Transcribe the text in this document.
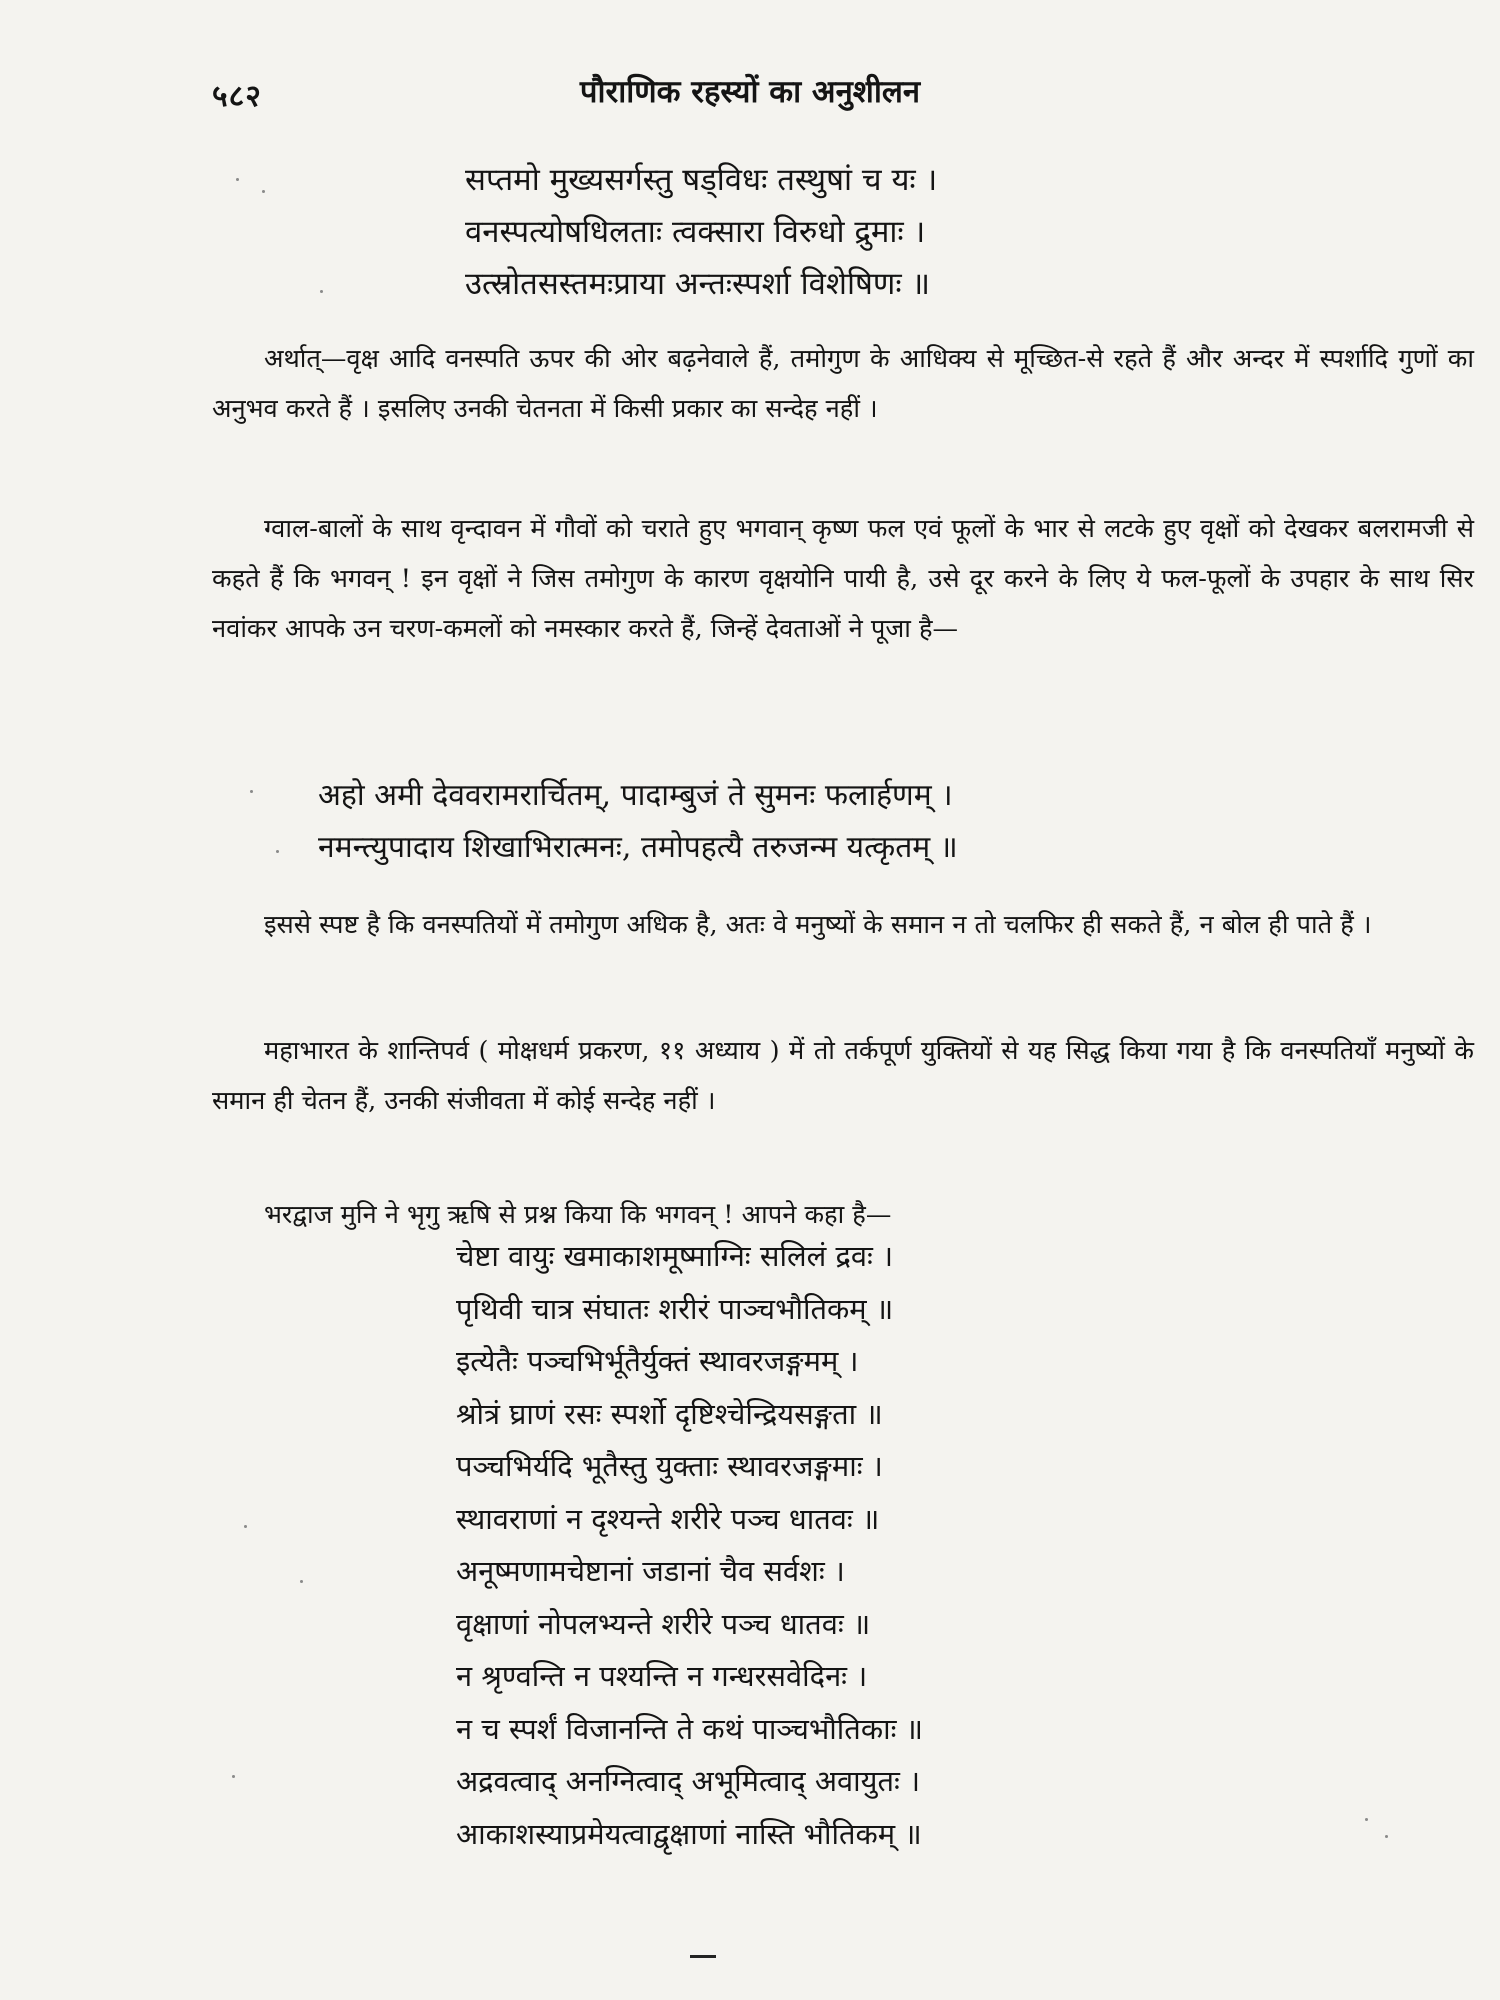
५८२	पौराणिक रहस्यों का अनुशीलन
सप्तमो मुख्यसर्गस्तु षड्विधः तस्थुषां च यः ।
वनस्पत्योषधिलताः त्वक्सारा विरुधो द्रुमाः ।
उत्स्रोतसस्तमःप्राया अन्तःस्पर्शा विशेषिणः ॥
अर्थात्—वृक्ष आदि वनस्पति ऊपर की ओर बढ़नेवाले हैं, तमोगुण के आधिक्य से मूच्छित-से रहते हैं और अन्दर में स्पर्शादि गुणों का अनुभव करते हैं । इसलिए उनकी चेतनता में किसी प्रकार का सन्देह नहीं ।
ग्वाल-बालों के साथ वृन्दावन में गौवों को चराते हुए भगवान् कृष्ण फल एवं फूलों के भार से लटके हुए वृक्षों को देखकर बलरामजी से कहते हैं कि भगवन् ! इन वृक्षों ने जिस तमोगुण के कारण वृक्षयोनि पायी है, उसे दूर करने के लिए ये फल-फूलों के उपहार के साथ सिर नवांकर आपके उन चरण-कमलों को नमस्कार करते हैं, जिन्हें देवताओं ने पूजा है—
अहो अमी देववरामरार्चितम्, पादाम्बुजं ते सुमनः फलार्हणम् ।
नमन्त्युपादाय शिखाभिरात्मनः, तमोपहत्यै तरुजन्म यत्कृतम् ॥
इससे स्पष्ट है कि वनस्पतियों में तमोगुण अधिक है, अतः वे मनुष्यों के समान न तो चलफिर ही सकते हैं, न बोल ही पाते हैं ।
महाभारत के शान्तिपर्व ( मोक्षधर्म प्रकरण, ११ अध्याय ) में तो तर्कपूर्ण युक्तियों से यह सिद्ध किया गया है कि वनस्पतियाँ मनुष्यों के समान ही चेतन हैं, उनकी संजीवता में कोई सन्देह नहीं ।
भरद्वाज मुनि ने भृगु ऋषि से प्रश्न किया कि भगवन् ! आपने कहा है—
चेष्टा वायुः खमाकाशमूष्माग्निः सलिलं द्रवः ।
पृथिवी चात्र संघातः शरीरं पाञ्चभौतिकम् ॥
इत्येतैः पञ्चभिर्भूतैर्युक्तं स्थावरजङ्गमम् ।
श्रोत्रं घ्राणं रसः स्पर्शो दृष्टिश्चेन्द्रियसङ्गता ॥
पञ्चभिर्यदि भूतैस्तु युक्ताः स्थावरजङ्गमाः ।
स्थावराणां न दृश्यन्ते शरीरे पञ्च धातवः ॥
अनूष्मणामचेष्टानां जडानां चैव सर्वशः ।
वृक्षाणां नोपलभ्यन्ते शरीरे पञ्च धातवः ॥
न श्रृण्वन्ति न पश्यन्ति न गन्धरसवेदिनः ।
न च स्पर्शं विजानन्ति ते कथं पाञ्चभौतिकाः ॥
अद्रवत्वाद् अनग्नित्वाद् अभूमित्वाद् अवायुतः ।
आकाशस्याप्रमेयत्वाद्वृक्षाणां नास्ति भौतिकम् ॥
